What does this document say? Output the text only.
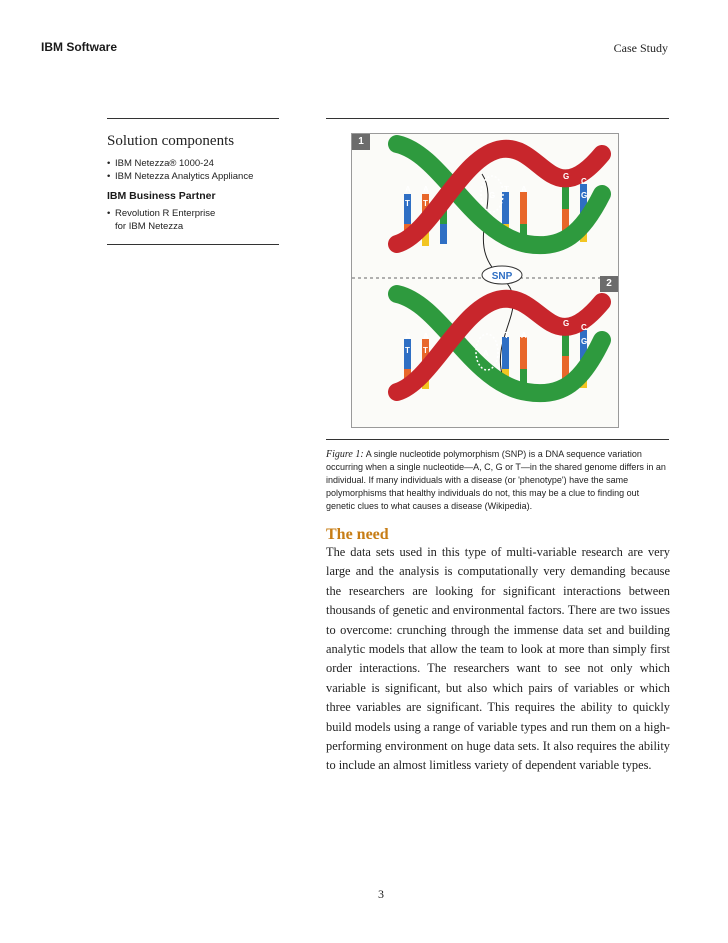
IBM Software	Case Study
Solution components
• IBM Netezza® 1000-24
• IBM Netezza Analytics Appliance
IBM Business Partner
• Revolution R Enterprise for IBM Netezza
1
2
A
T
A
T
G
T A
G
C
G
SNP
A
T
A
T	A
T A
G C
G
Figure 1: A single nucleotide polymorphism (SNP) is a DNA sequence variation occurring when a single nucleotide—A, C, G or T—in the shared genome differs in an individual. If many individuals with a disease (or 'phenotype') have the same polymorphisms that healthy individuals do not, this may be a clue to finding out genetic clues to what causes a disease (Wikipedia).
The need
The data sets used in this type of multi-variable research are very large and the analysis is computationally very demanding because the researchers are looking for significant interactions between thousands of genetic and environmental factors. There are two issues to overcome: crunching through the immense data set and building analytic models that allow the team to look at more than simply first order interactions. The researchers want to see not only which variable is significant, but also which pairs of variables or which three variables are significant. This requires the ability to quickly build models using a range of variable types and run them on a high-performing environment on huge data sets. It also requires the ability to include an almost limitless variety of dependent variable types.
3
